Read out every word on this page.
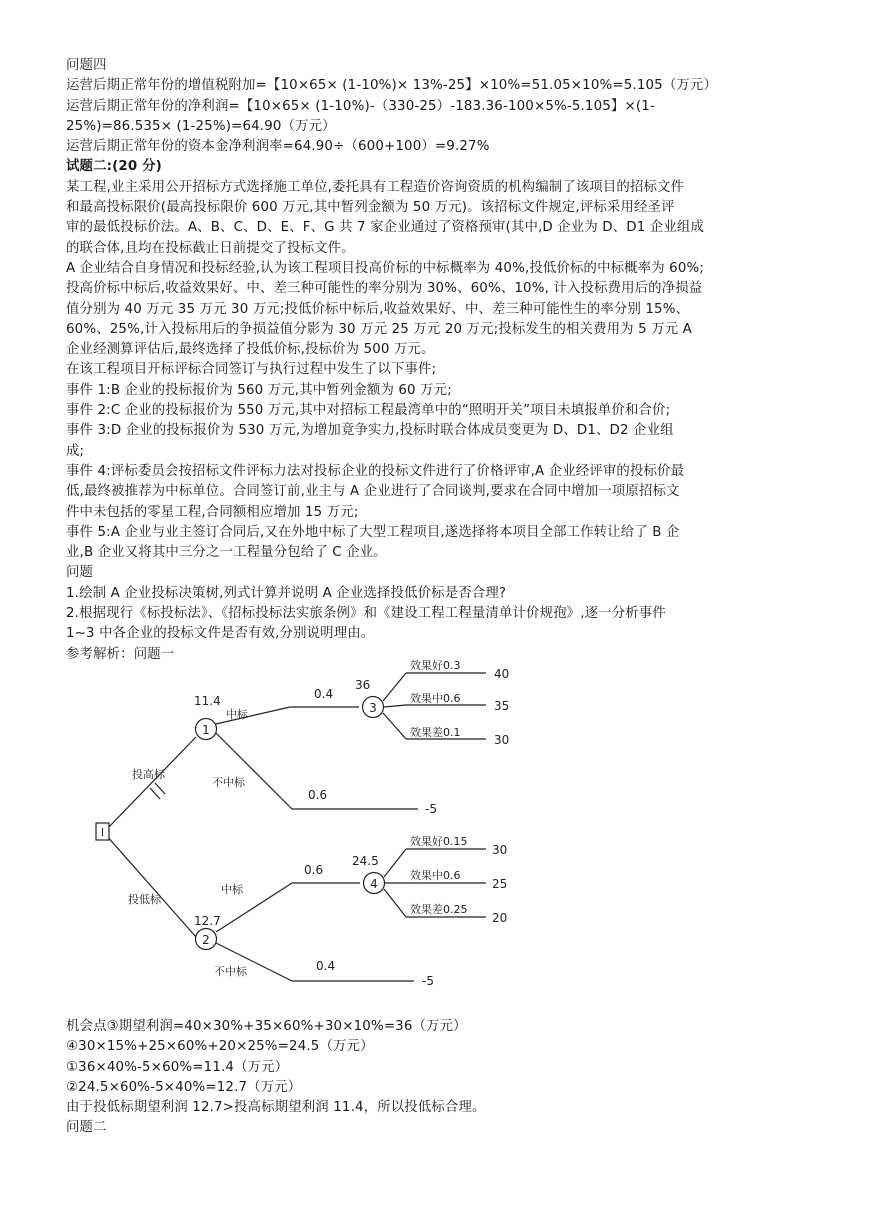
问题四
运营后期正常年份的增值税附加=【10×65× (1-10%)× 13%-25】×10%=51.05×10%=5.105（万元）
运营后期正常年份的净利润=【10×65× (1-10%)-（330-25）-183.36-100×5%-5.105】×(1-
25%)=86.535× (1-25%)=64.90（万元）
运营后期正常年份的资本金净利润率=64.90÷（600+100）=9.27%
试题二:(20 分)
某工程,业主采用公开招标方式选择施工单位,委托具有工程造价咨询资质的机构编制了该项目的招标文件
和最高投标限价(最高投标限价 600 万元,其中暂列金额为 50 万元)。该招标文件规定,评标采用经圣评
审的最低投标价法。A、B、C、D、E、F、G 共 7 家企业通过了资格预审(其中,D 企业为 D、D1 企业组成
的联合体,且均在投标截止日前提交了投标文件。
A 企业结合自身情况和投标经验,认为该工程项目投高价标的中标概率为 40%,投低价标的中标概率为 60%;
投高价标中标后,收益效果好、中、差三种可能性的率分别为 30%、60%、10%, 计入投标费用后的净损益
值分别为 40 万元 35 万元 30 万元;投低价标中标后,收益效果好、中、差三种可能性生的率分别 15%、
60%、25%,计入投标用后的争损益值分影为 30 万元 25 万元 20 万元;投标发生的相关费用为 5 万元 A
企业经测算评估后,最终选择了投低价标,投标价为 500 万元。
在该工程项目开标评标合同签订与执行过程中发生了以下事件;
事件 1:B 企业的投标报价为 560 万元,其中暂列金额为 60 万元;
事件 2:C 企业的投标报价为 550 万元,其中对招标工程最湾单中的“照明开关”项目未填报单价和合价;
事件 3:D 企业的投标报价为 530 万元,为增加竟争实力,投标时联合体成员变更为 D、D1、D2 企业组
成;
事件 4:评标委员会按招标文件评标力法对投标企业的投标文件进行了价格评审,A 企业经评审的投标价最
低,最终被推荐为中标单位。合同签订前,业主与 A 企业进行了合同谈判,要求在合同中增加一项原招标文
件中未包括的零星工程,合同额相应增加 15 万元;
事件 5:A 企业与业主签订合同后,又在外地中标了大型工程项目,遂选择将本项目全部工作转让给了 B 企
业,B 企业又将其中三分之一工程量分包给了 C 企业。
问题
1.绘制 A 企业投标决策树,列式计算并说明 A 企业选择投低价标是否合理?
2.根据现行《标投标法》、《招标投标法实旅条例》和《建设工程工程量清单计价规孢》,逐一分析事件
1~3 中各企业的投标文件是否有效,分别说明理由。
参考解析：问题一
I
1
2
3
4
投高标
投低标
11.4
12.7
36
24.5
中标
0.4
不中标
0.6
-5
中标
0.6
不中标	0.4
-5
效果好0.3
效果中0.6
效果差0.1
40
35
30
效果好0.15
效果中0.6
效果差0.25
30
25
20
机会点③期望利润=40×30%+35×60%+30×10%=36（万元）
④30×15%+25×60%+20×25%=24.5（万元）
①36×40%-5×60%=11.4（万元）
②24.5×60%-5×40%=12.7（万元）
由于投低标期望利润 12.7>投高标期望利润 11.4，所以投低标合理。
问题二
